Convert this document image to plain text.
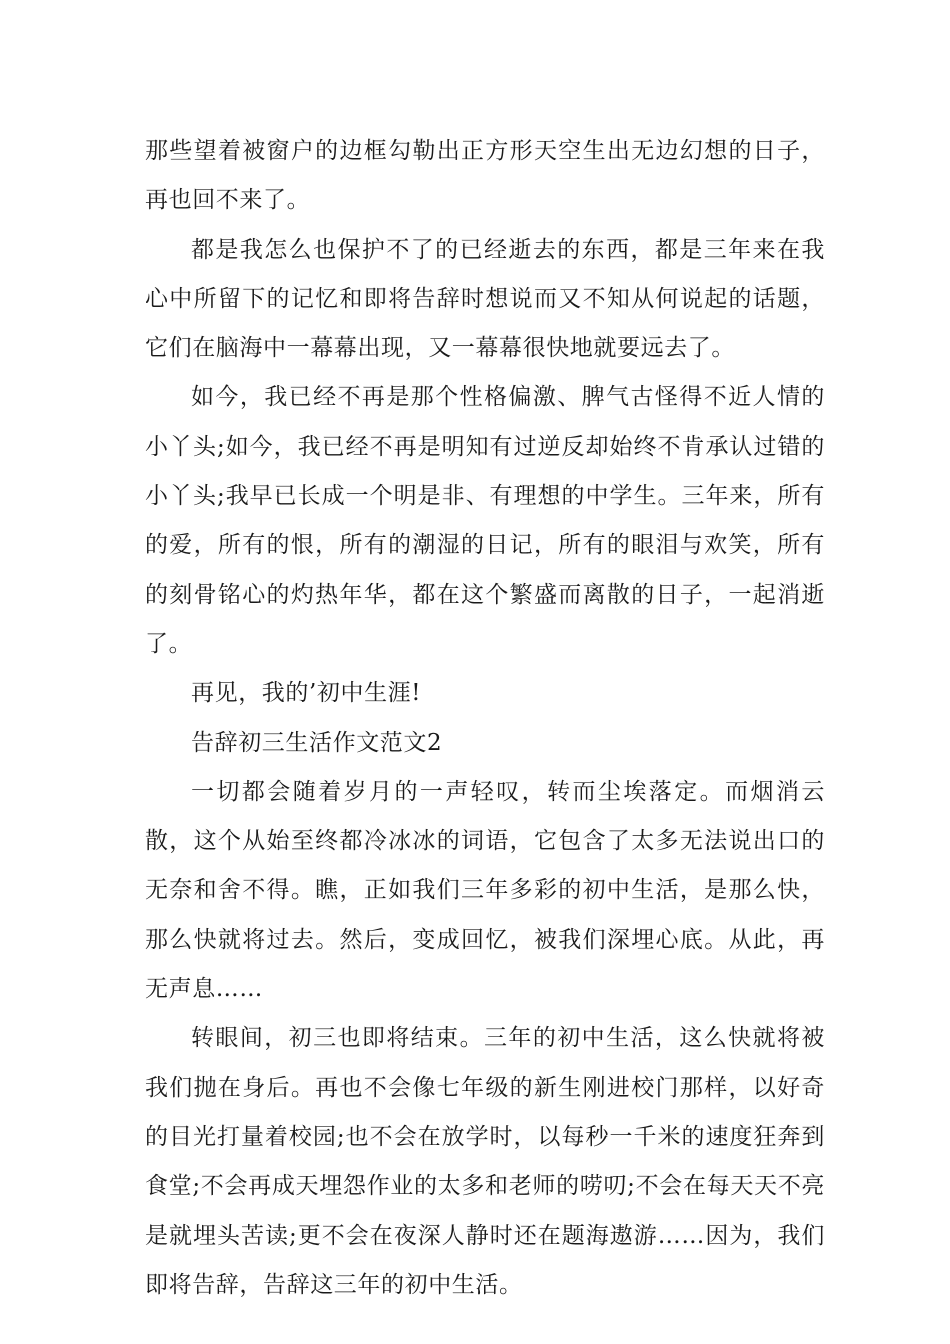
那些望着被窗户的边框勾勒出正方形天空生出无边幻想的日子，再也回不来了。

都是我怎么也保护不了的已经逝去的东西，都是三年来在我心中所留下的记忆和即将告辞时想说而又不知从何说起的话题，它们在脑海中一幕幕出现，又一幕幕很快地就要远去了。

如今，我已经不再是那个性格偏激、脾气古怪得不近人情的小丫头;如今，我已经不再是明知有过逆反却始终不肯承认过错的小丫头;我早已长成一个明是非、有理想的中学生。三年来，所有的爱，所有的恨，所有的潮湿的日记，所有的眼泪与欢笑，所有的刻骨铭心的灼热年华，都在这个繁盛而离散的日子，一起消逝了。

再见，我的’初中生涯!

告辞初三生活作文范文2

一切都会随着岁月的一声轻叹，转而尘埃落定。而烟消云散，这个从始至终都冷冰冰的词语，它包含了太多无法说出口的无奈和舍不得。瞧，正如我们三年多彩的初中生活，是那么快，那么快就将过去。然后，变成回忆，被我们深埋心底。从此，再无声息……

转眼间，初三也即将结束。三年的初中生活，这么快就将被我们抛在身后。再也不会像七年级的新生刚进校门那样，以好奇的目光打量着校园;也不会在放学时，以每秒一千米的速度狂奔到食堂;不会再成天埋怨作业的太多和老师的唠叨;不会在每天天不亮是就埋头苦读;更不会在夜深人静时还在题海遨游……因为，我们即将告辞，告辞这三年的初中生活。
